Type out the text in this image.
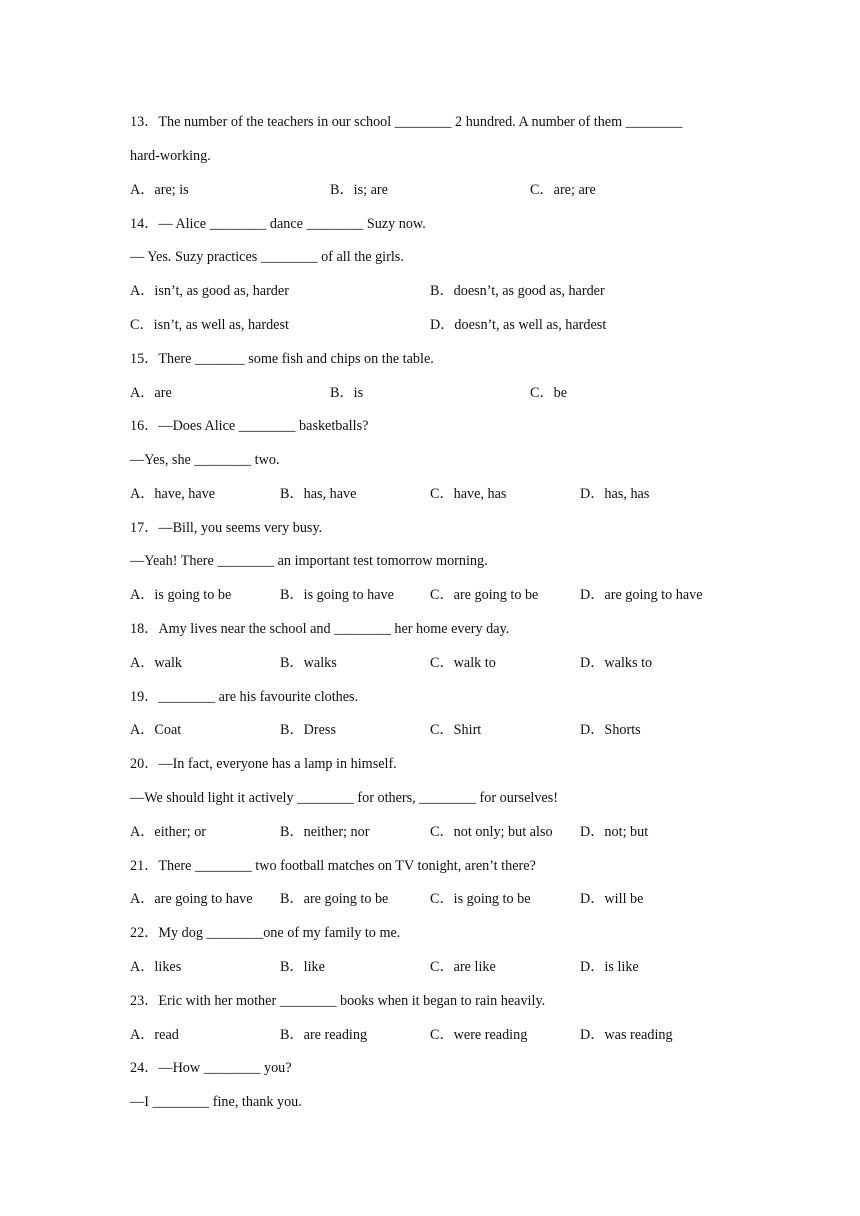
13．The number of the teachers in our school ________ 2 hundred. A number of them ________
hard-working.
A．are; is	B．is; are	C．are; are
14．— Alice ________ dance ________ Suzy now.
— Yes. Suzy practices ________ of all the girls.
A．isn’t, as good as, harder	B．doesn’t, as good as, harder
C．isn’t, as well as, hardest	D．doesn’t, as well as, hardest
15．There _______ some fish and chips on the table.
A．are	B．is	C．be
16．—Does Alice ________ basketballs?
—Yes, she ________ two.
A．have, have	B．has, have	C．have, has	D．has, has
17．—Bill, you seems very busy.
—Yeah! There ________ an important test tomorrow morning.
A．is going to be	B．is going to have	C．are going to be	D．are going to have
18．Amy lives near the school and ________ her home every day.
A．walk	B．walks	C．walk to	D．walks to
19．________ are his favourite clothes.
A．Coat	B．Dress	C．Shirt	D．Shorts
20．—In fact, everyone has a lamp in himself.
—We should light it actively ________ for others, ________ for ourselves!
A．either; or	B．neither; nor	C．not only; but also D．not; but
21．There ________ two football matches on TV tonight, aren’t there?
A．are going to have B．are going to be	C．is going to be	D．will be
22．My dog ________one of my family to me.
A．likes	B．like	C．are like	D．is like
23．Eric with her mother ________ books when it began to rain heavily.
A．read	B．are reading	C．were reading	D．was reading
24．—How ________ you?
—I ________ fine, thank you.
